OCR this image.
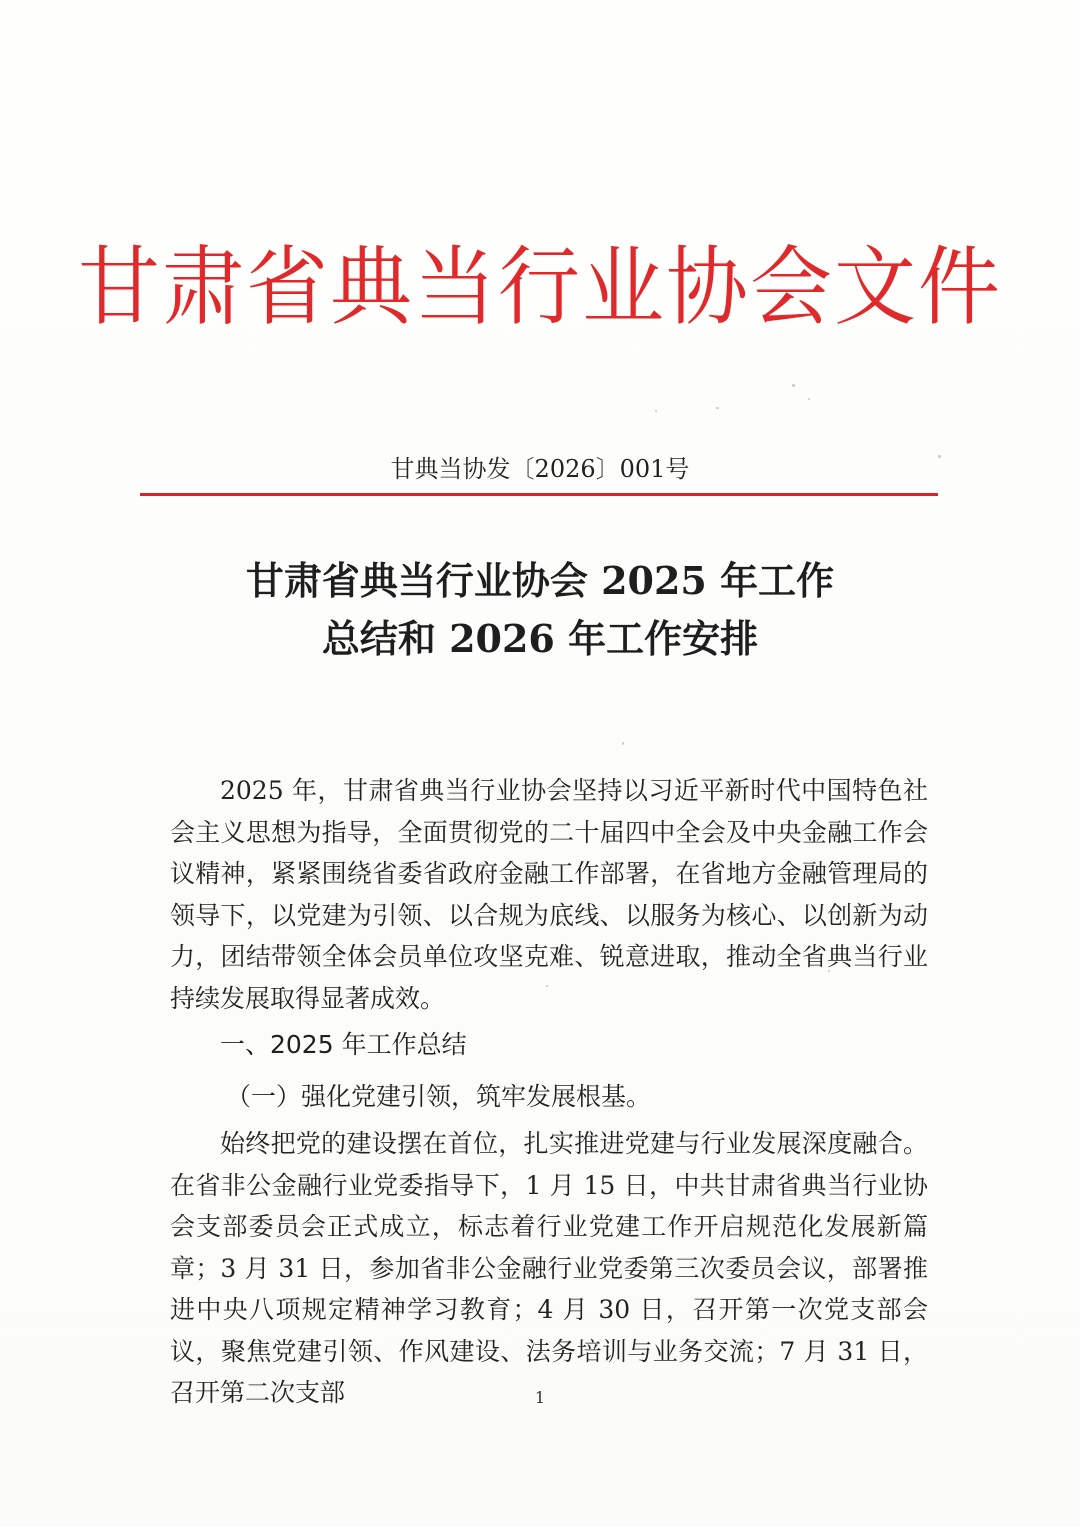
甘肃省典当行业协会文件
甘典当协发〔2026〕001号
甘肃省典当行业协会 2025 年工作
总结和 2026 年工作安排

2025 年，甘肃省典当行业协会坚持以习近平新时代中国特色社会主义思想为指导，全面贯彻党的二十届四中全会及中央金融工作会议精神，紧紧围绕省委省政府金融工作部署，在省地方金融管理局的领导下，以党建为引领、以合规为底线、以服务为核心、以创新为动力，团结带领全体会员单位攻坚克难、锐意进取，推动全省典当行业持续发展取得显著成效。

一、2025 年工作总结

（一）强化党建引领，筑牢发展根基。

始终把党的建设摆在首位，扎实推进党建与行业发展深度融合。在省非公金融行业党委指导下，1 月 15 日，中共甘肃省典当行业协会支部委员会正式成立，标志着行业党建工作开启规范化发展新篇章；3 月 31 日，参加省非公金融行业党委第三次委员会议，部署推进中央八项规定精神学习教育；4 月 30 日，召开第一次党支部会议，聚焦党建引领、作风建设、法务培训与业务交流；7 月 31 日，召开第二次支部	1
